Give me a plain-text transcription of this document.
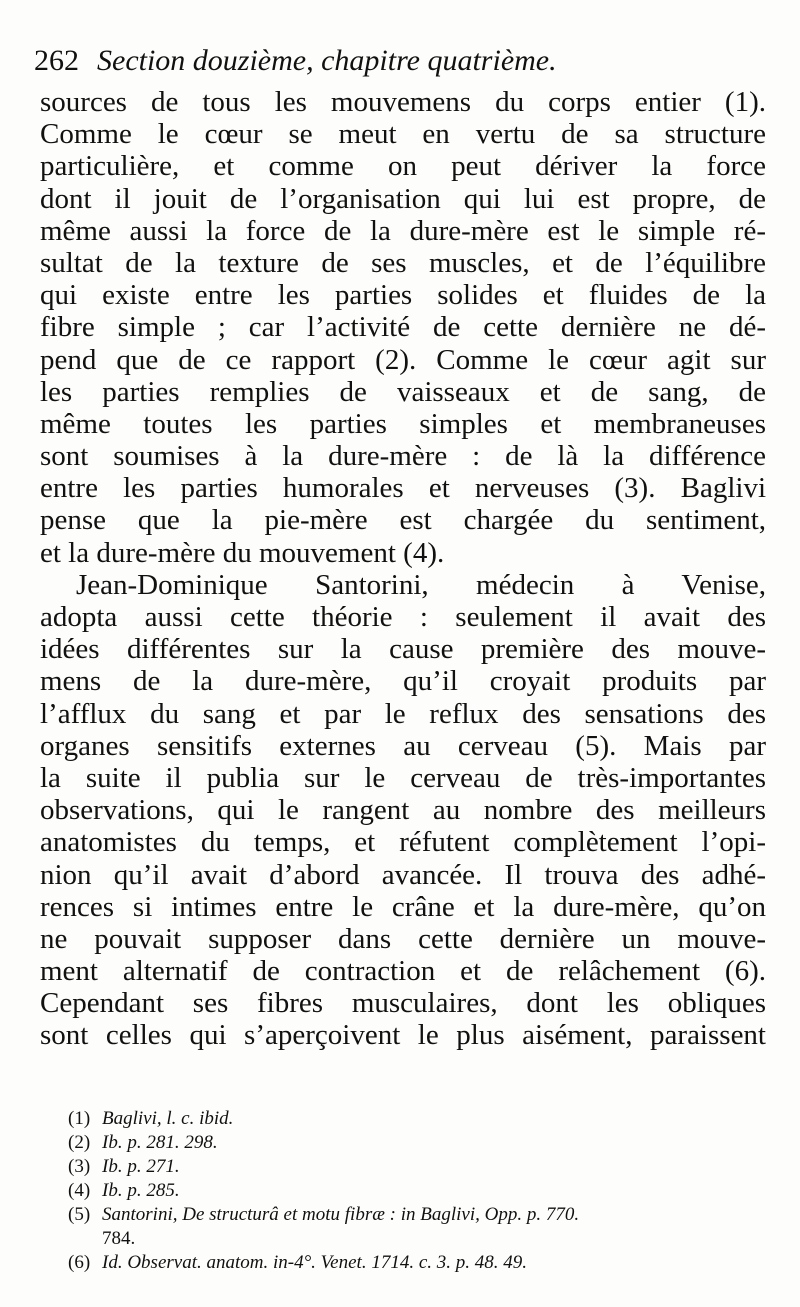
262 Section douzième, chapitre quatrième.
sources de tous les mouvemens du corps entier (1).
Comme le cœur se meut en vertu de sa structure
particulière, et comme on peut dériver la force
dont il jouit de l’organisation qui lui est propre, de
même aussi la force de la dure-mère est le simple ré-
sultat de la texture de ses muscles, et de l’équilibre
qui existe entre les parties solides et fluides de la
fibre simple ; car l’activité de cette dernière ne dé-
pend que de ce rapport (2). Comme le cœur agit sur
les parties remplies de vaisseaux et de sang, de
même toutes les parties simples et membraneuses
sont soumises à la dure-mère : de là la différence
entre les parties humorales et nerveuses (3). Baglivi
pense que la pie-mère est chargée du sentiment,
et la dure-mère du mouvement (4).
Jean-Dominique Santorini, médecin à Venise,
adopta aussi cette théorie : seulement il avait des
idées différentes sur la cause première des mouve-
mens de la dure-mère, qu’il croyait produits par
l’afflux du sang et par le reflux des sensations des
organes sensitifs externes au cerveau (5). Mais par
la suite il publia sur le cerveau de très-importantes
observations, qui le rangent au nombre des meilleurs
anatomistes du temps, et réfutent complètement l’opi-
nion qu’il avait d’abord avancée. Il trouva des adhé-
rences si intimes entre le crâne et la dure-mère, qu’on
ne pouvait supposer dans cette dernière un mouve-
ment alternatif de contraction et de relâchement (6).
Cependant ses fibres musculaires, dont les obliques
sont celles qui s’aperçoivent le plus aisément, paraissent
(1) Baglivi, l. c. ibid.
(2) Ib. p. 281. 298.
(3) Ib. p. 271.
(4) Ib. p. 285.
(5) Santorini, De structurâ et motu fibræ : in Baglivi, Opp. p. 770.
784.
(6) Id. Observat. anatom. in-4°. Venet. 1714. c. 3. p. 48. 49.
